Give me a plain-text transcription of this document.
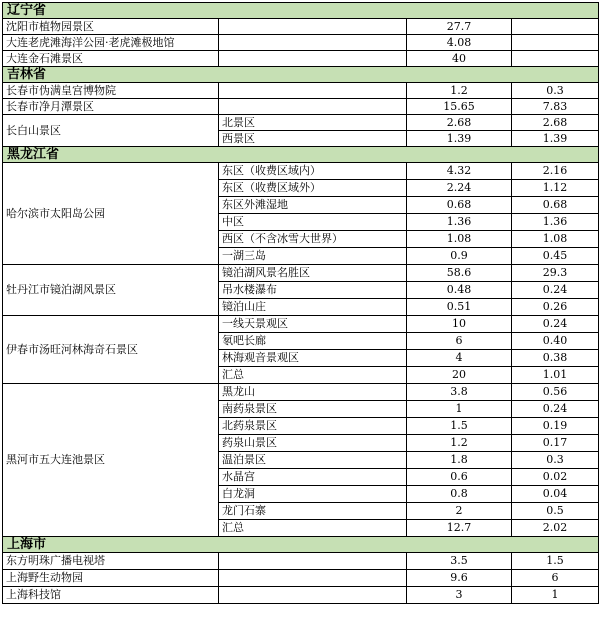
辽宁省			
沈阳市植物园景区		27.7	
大连老虎滩海洋公园·老虎滩极地馆		4.08	
大连金石滩景区		40	
吉林省			
长春市伪满皇宫博物院		1.2	0.3
长春市净月潭景区		15.65	7.83
长白山景区	北景区	2.68	2.68
	西景区	1.39	1.39
黑龙江省			
哈尔滨市太阳岛公园	东区（收费区域内）	4.32	2.16
	东区（收费区域外）	2.24	1.12
	东区外滩湿地	0.68	0.68
	中区	1.36	1.36
	西区（不含冰雪大世界）	1.08	1.08
	一湖三岛	0.9	0.45
牡丹江市镜泊湖风景区	镜泊湖风景名胜区	58.6	29.3
	吊水楼瀑布	0.48	0.24
	镜泊山庄	0.51	0.26
伊春市汤旺河林海奇石景区	一线天景观区	10	0.24
	氡吧长廊	6	0.40
	林海观音景观区	4	0.38
	汇总	20	1.01
黑河市五大连池景区	黑龙山	3.8	0.56
	南药泉景区	1	0.24
	北药泉景区	1.5	0.19
	药泉山景区	1.2	0.17
	温泊景区	1.8	0.3
	水晶宫	0.6	0.02
	白龙洞	0.8	0.04
	龙门石寨	2	0.5
	汇总	12.7	2.02
上海市			
东方明珠广播电视塔		3.5	1.5
上海野生动物园		9.6	6
上海科技馆		3	1
